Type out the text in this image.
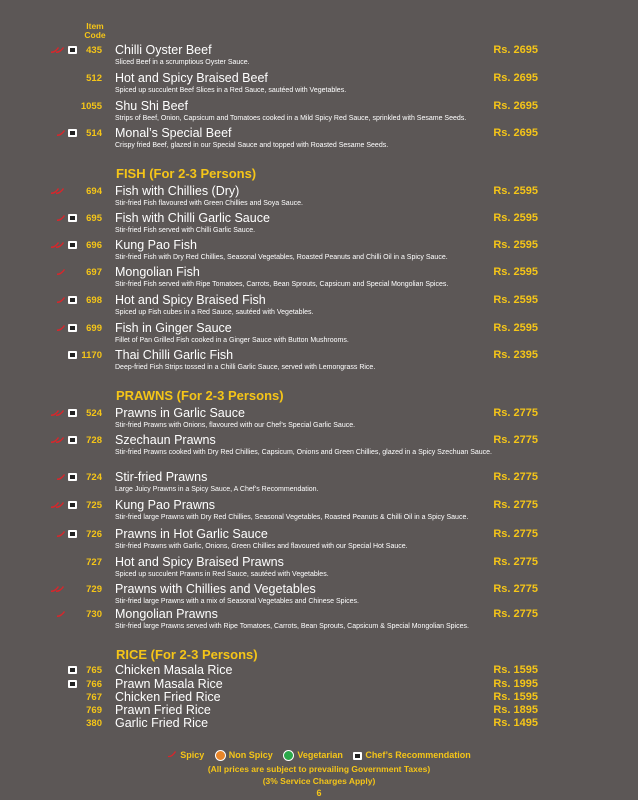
Item
Code
435 Chilli Oyster Beef
Sliced Beef in a scrumptious Oyster Sauce.
Rs. 2695
512 Hot and Spicy Braised Beef
Spiced up succulent Beef Slices in a Red Sauce, sautéed with Vegetables.
Rs. 2695
1055 Shu Shi Beef
Strips of Beef, Onion, Capsicum and Tomatoes cooked in a Mild Spicy Red Sauce, sprinkled with Sesame Seeds.
Rs. 2695
514 Monal’s Special Beef
Crispy fried Beef, glazed in our Special Sauce and topped with Roasted Sesame Seeds.
Rs. 2695
FISH (For 2-3 Persons)
694 Fish with Chillies (Dry)
Stir-fried Fish flavoured with Green Chillies and Soya Sauce.
Rs. 2595
695 Fish with Chilli Garlic Sauce
Stir-fried Fish served with Chilli Garlic Sauce.
Rs. 2595
696 Kung Pao Fish
Stir-fried Fish with Dry Red Chillies, Seasonal Vegetables, Roasted Peanuts and Chilli Oil in a Spicy Sauce.
Rs. 2595
697 Mongolian Fish
Stir-fried Fish served with Ripe Tomatoes, Carrots, Bean Sprouts, Capsicum and Special Mongolian Spices.
Rs. 2595
698 Hot and Spicy Braised Fish
Spiced up Fish cubes in a Red Sauce, sautéed with Vegetables.
Rs. 2595
699 Fish in Ginger Sauce
Fillet of Pan Grilled Fish cooked in a Ginger Sauce with Button Mushrooms.
Rs. 2595
1170 Thai Chilli Garlic Fish
Deep-fried Fish Strips tossed in a Chilli Garlic Sauce, served with Lemongrass Rice.
Rs. 2395
PRAWNS (For 2-3 Persons)
524 Prawns in Garlic Sauce
Stir-fried Prawns with Onions, flavoured with our Chef’s Special Garlic Sauce.
Rs. 2775
728 Szechaun Prawns
Stir-fried Prawns cooked with Dry Red Chillies, Capsicum, Onions and Green Chillies, glazed in a Spicy Szechuan Sauce.
Rs. 2775
724 Stir-fried Prawns
Large Juicy Prawns in a Spicy Sauce, A Chef’s Recommendation.
Rs. 2775
725 Kung Pao Prawns
Stir-fried large Prawns with Dry Red Chillies, Seasonal Vegetables, Roasted Peanuts & Chilli Oil in a Spicy Sauce.
Rs. 2775
726 Prawns in Hot Garlic Sauce
Stir-fried Prawns with Garlic, Onions, Green Chillies and flavoured with our Special Hot Sauce.
Rs. 2775
727 Hot and Spicy Braised Prawns
Spiced up succulent Prawns in Red Sauce, sautéed with Vegetables.
Rs. 2775
729 Prawns with Chillies and Vegetables
Stir-fried large Prawns with a mix of Seasonal Vegetables and Chinese Spices.
Rs. 2775
730 Mongolian Prawns
Stir-fried large Prawns served with Ripe Tomatoes, Carrots, Bean Sprouts, Capsicum & Special Mongolian Spices.
Rs. 2775
RICE (For 2-3 Persons)
765 Chicken Masala Rice	Rs. 1595
766 Prawn Masala Rice	Rs. 1995
767 Chicken Fried Rice	Rs. 1595
769 Prawn Fried Rice	Rs. 1895
380 Garlic Fried Rice	Rs. 1495
Spicy	Non Spicy	Vegetarian	Chef’s Recommendation
(All prices are subject to prevailing Government Taxes)
(3% Service Charges Apply)
6
